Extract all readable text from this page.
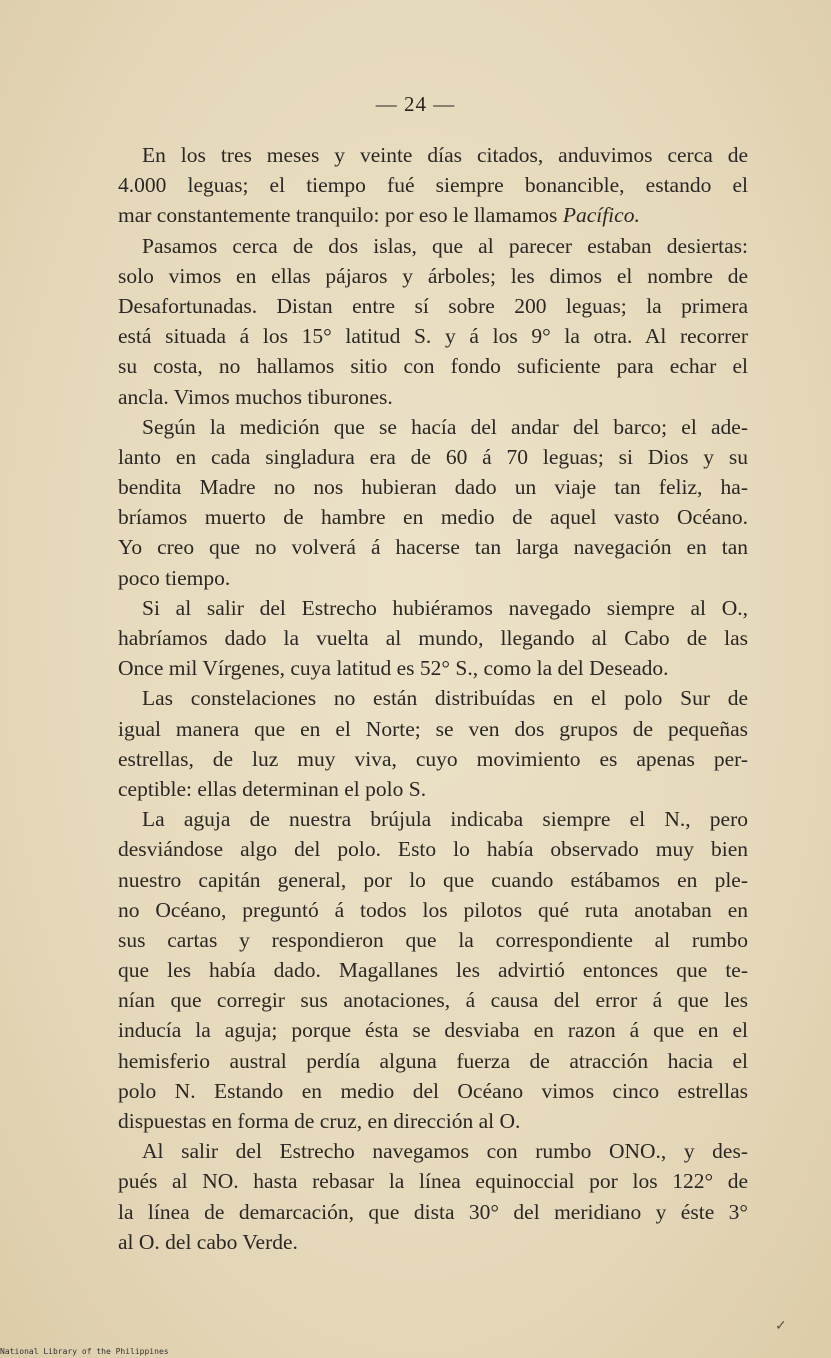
— 24 —
En los tres meses y veinte días citados, anduvimos cerca de
4.000 leguas; el tiempo fué siempre bonancible, estando el
mar constantemente tranquilo: por eso le llamamos Pacífico.
Pasamos cerca de dos islas, que al parecer estaban desiertas:
solo vimos en ellas pájaros y árboles; les dimos el nombre de
Desafortunadas. Distan entre sí sobre 200 leguas; la primera
está situada á los 15° latitud S. y á los 9° la otra. Al recorrer
su costa, no hallamos sitio con fondo suficiente para echar el
ancla. Vimos muchos tiburones.
Según la medición que se hacía del andar del barco; el ade-
lanto en cada singladura era de 60 á 70 leguas; si Dios y su
bendita Madre no nos hubieran dado un viaje tan feliz, ha-
bríamos muerto de hambre en medio de aquel vasto Océano.
Yo creo que no volverá á hacerse tan larga navegación en tan
poco tiempo.
Si al salir del Estrecho hubiéramos navegado siempre al O.,
habríamos dado la vuelta al mundo, llegando al Cabo de las
Once mil Vírgenes, cuya latitud es 52° S., como la del Deseado.
Las constelaciones no están distribuídas en el polo Sur de
igual manera que en el Norte; se ven dos grupos de pequeñas
estrellas, de luz muy viva, cuyo movimiento es apenas per-
ceptible: ellas determinan el polo S.
La aguja de nuestra brújula indicaba siempre el N., pero
desviándose algo del polo. Esto lo había observado muy bien
nuestro capitán general, por lo que cuando estábamos en ple-
no Océano, preguntó á todos los pilotos qué ruta anotaban en
sus cartas y respondieron que la correspondiente al rumbo
que les había dado. Magallanes les advirtió entonces que te-
nían que corregir sus anotaciones, á causa del error á que les
inducía la aguja; porque ésta se desviaba en razon á que en el
hemisferio austral perdía alguna fuerza de atracción hacia el
polo N. Estando en medio del Océano vimos cinco estrellas
dispuestas en forma de cruz, en dirección al O.
Al salir del Estrecho navegamos con rumbo ONO., y des-
pués al NO. hasta rebasar la línea equinoccial por los 122° de
la línea de demarcación, que dista 30° del meridiano y éste 3°
al O. del cabo Verde.
✓
National Library of the Philippines
